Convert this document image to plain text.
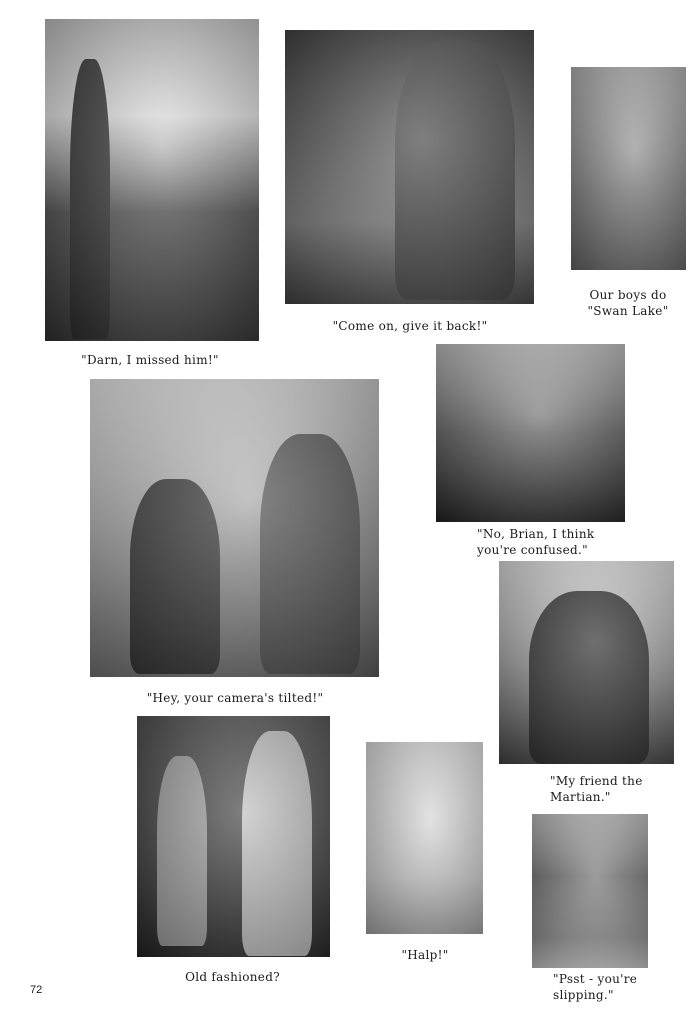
"Darn, I missed him!"
"Come on, give it back!"
Our boys do
"Swan Lake"
"No, Brian, I think
you're confused."
"Hey, your camera's tilted!"
"My friend the
Martian."
Old fashioned?
"Halp!"
"Psst - you're
slipping."
72
